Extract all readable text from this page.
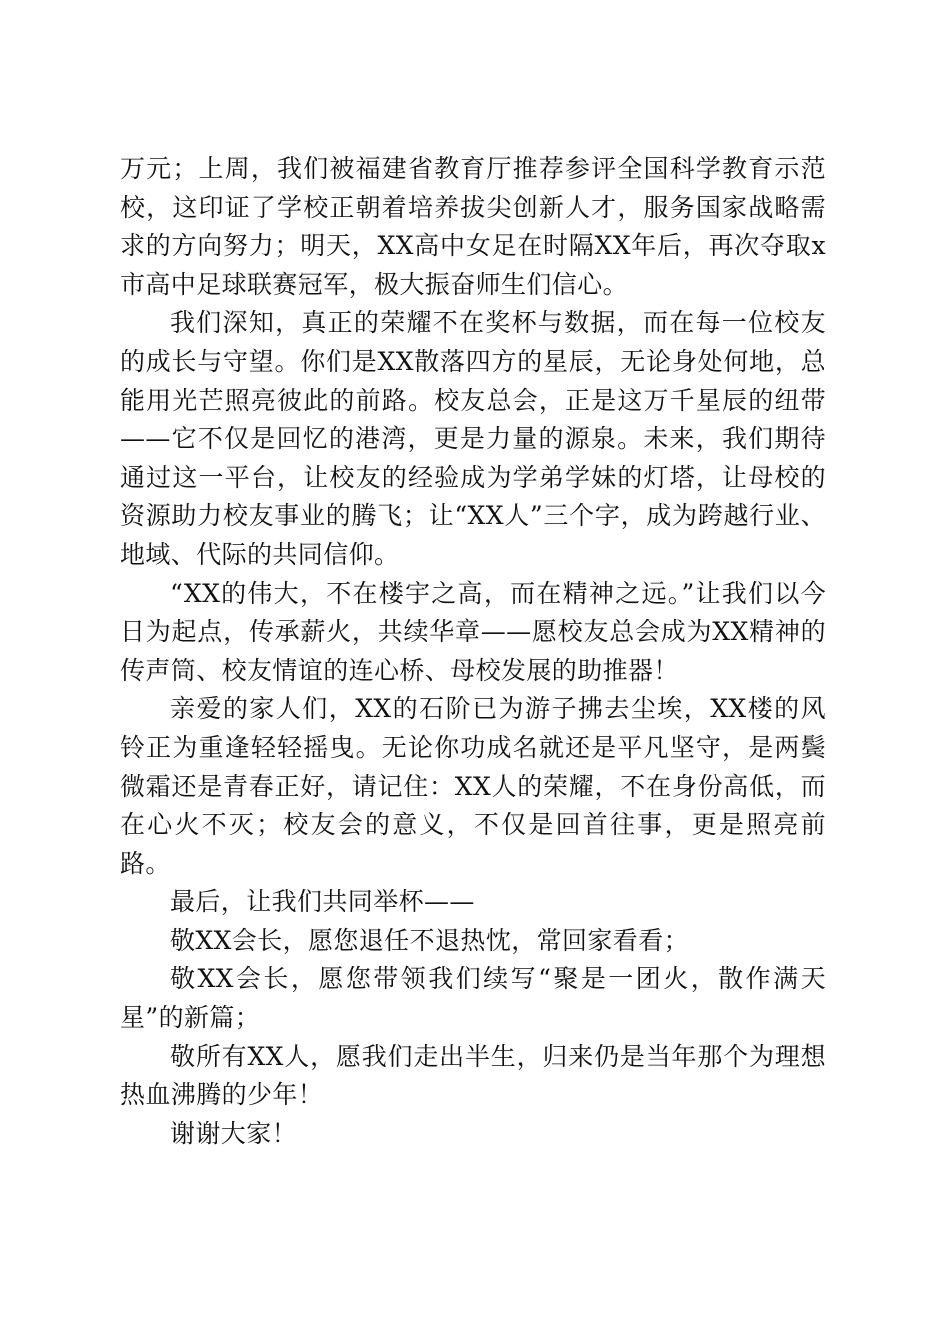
万元；上周，我们被福建省教育厅推荐参评全国科学教育示范校，这印证了学校正朝着培养拔尖创新人才，服务国家战略需求的方向努力；明天，XX高中女足在时隔XX年后，再次夺取x市高中足球联赛冠军，极大振奋师生们信心。

我们深知，真正的荣耀不在奖杯与数据，而在每一位校友的成长与守望。你们是XX散落四方的星辰，无论身处何地，总能用光芒照亮彼此的前路。校友总会，正是这万千星辰的纽带——它不仅是回忆的港湾，更是力量的源泉。未来，我们期待通过这一平台，让校友的经验成为学弟学妹的灯塔，让母校的资源助力校友事业的腾飞；让“XX人”三个字，成为跨越行业、地域、代际的共同信仰。

“XX的伟大，不在楼宇之高，而在精神之远。”让我们以今日为起点，传承薪火，共续华章——愿校友总会成为XX精神的传声筒、校友情谊的连心桥、母校发展的助推器！

亲爱的家人们，XX的石阶已为游子拂去尘埃，XX楼的风铃正为重逢轻轻摇曳。无论你功成名就还是平凡坚守，是两鬓微霜还是青春正好，请记住：XX人的荣耀，不在身份高低，而在心火不灭；校友会的意义，不仅是回首往事，更是照亮前路。

最后，让我们共同举杯——

敬XX会长，愿您退任不退热忱，常回家看看；

敬XX会长，愿您带领我们续写“聚是一团火，散作满天星”的新篇；

敬所有XX人，愿我们走出半生，归来仍是当年那个为理想热血沸腾的少年！

谢谢大家！
